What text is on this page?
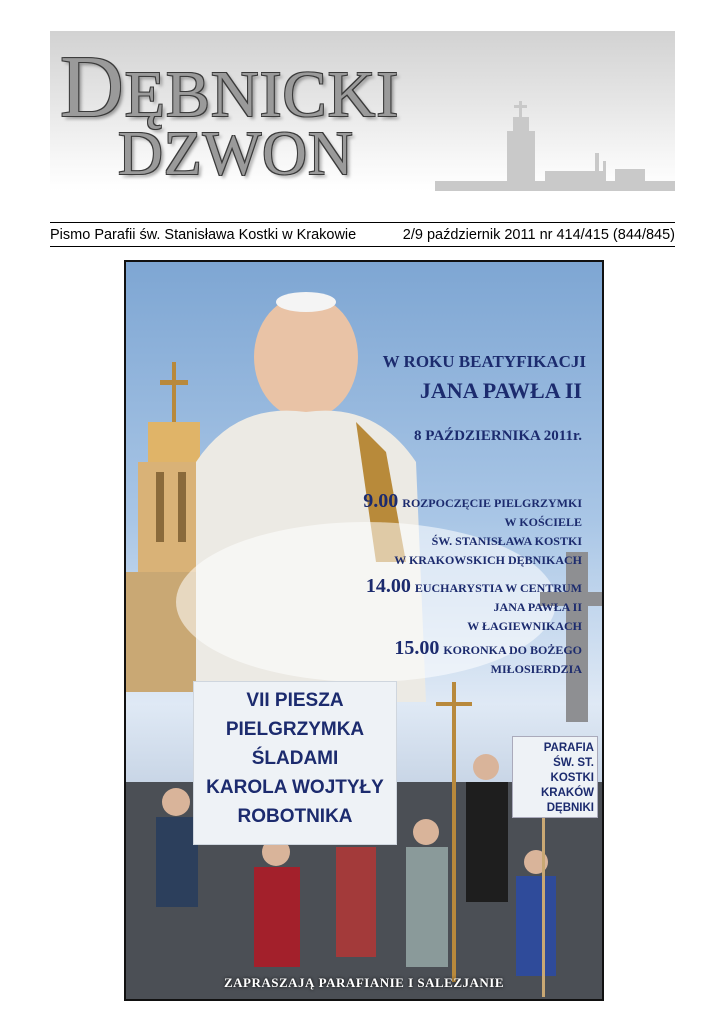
DĘBNICKI
DZWON
Pismo Parafii św. Stanisława Kostki w Krakowie	2/9 październik 2011 nr 414/415 (844/845)
W ROKU BEATYFIKACJI
JANA PAWŁA II
8 PAŹDZIERNIKA 2011r.
9.00 ROZPOCZĘCIE PIELGRZYMKI
W KOŚCIELE
ŚW. STANISŁAWA KOSTKI
W KRAKOWSKICH DĘBNIKACH
14.00 EUCHARYSTIA W CENTRUM
JANA PAWŁA II
W ŁAGIEWNIKACH
15.00 KORONKA DO BOŻEGO
MIŁOSIERDZIA
VII PIESZA
PIELGRZYMKA
ŚLADAMI
KAROLA WOJTYŁY
ROBOTNIKA
PARAFIA
ŚW. ST. KOSTKI
KRAKÓW
DĘBNIKI
ZAPRASZAJĄ PARAFIANIE I SALEZJANIE
